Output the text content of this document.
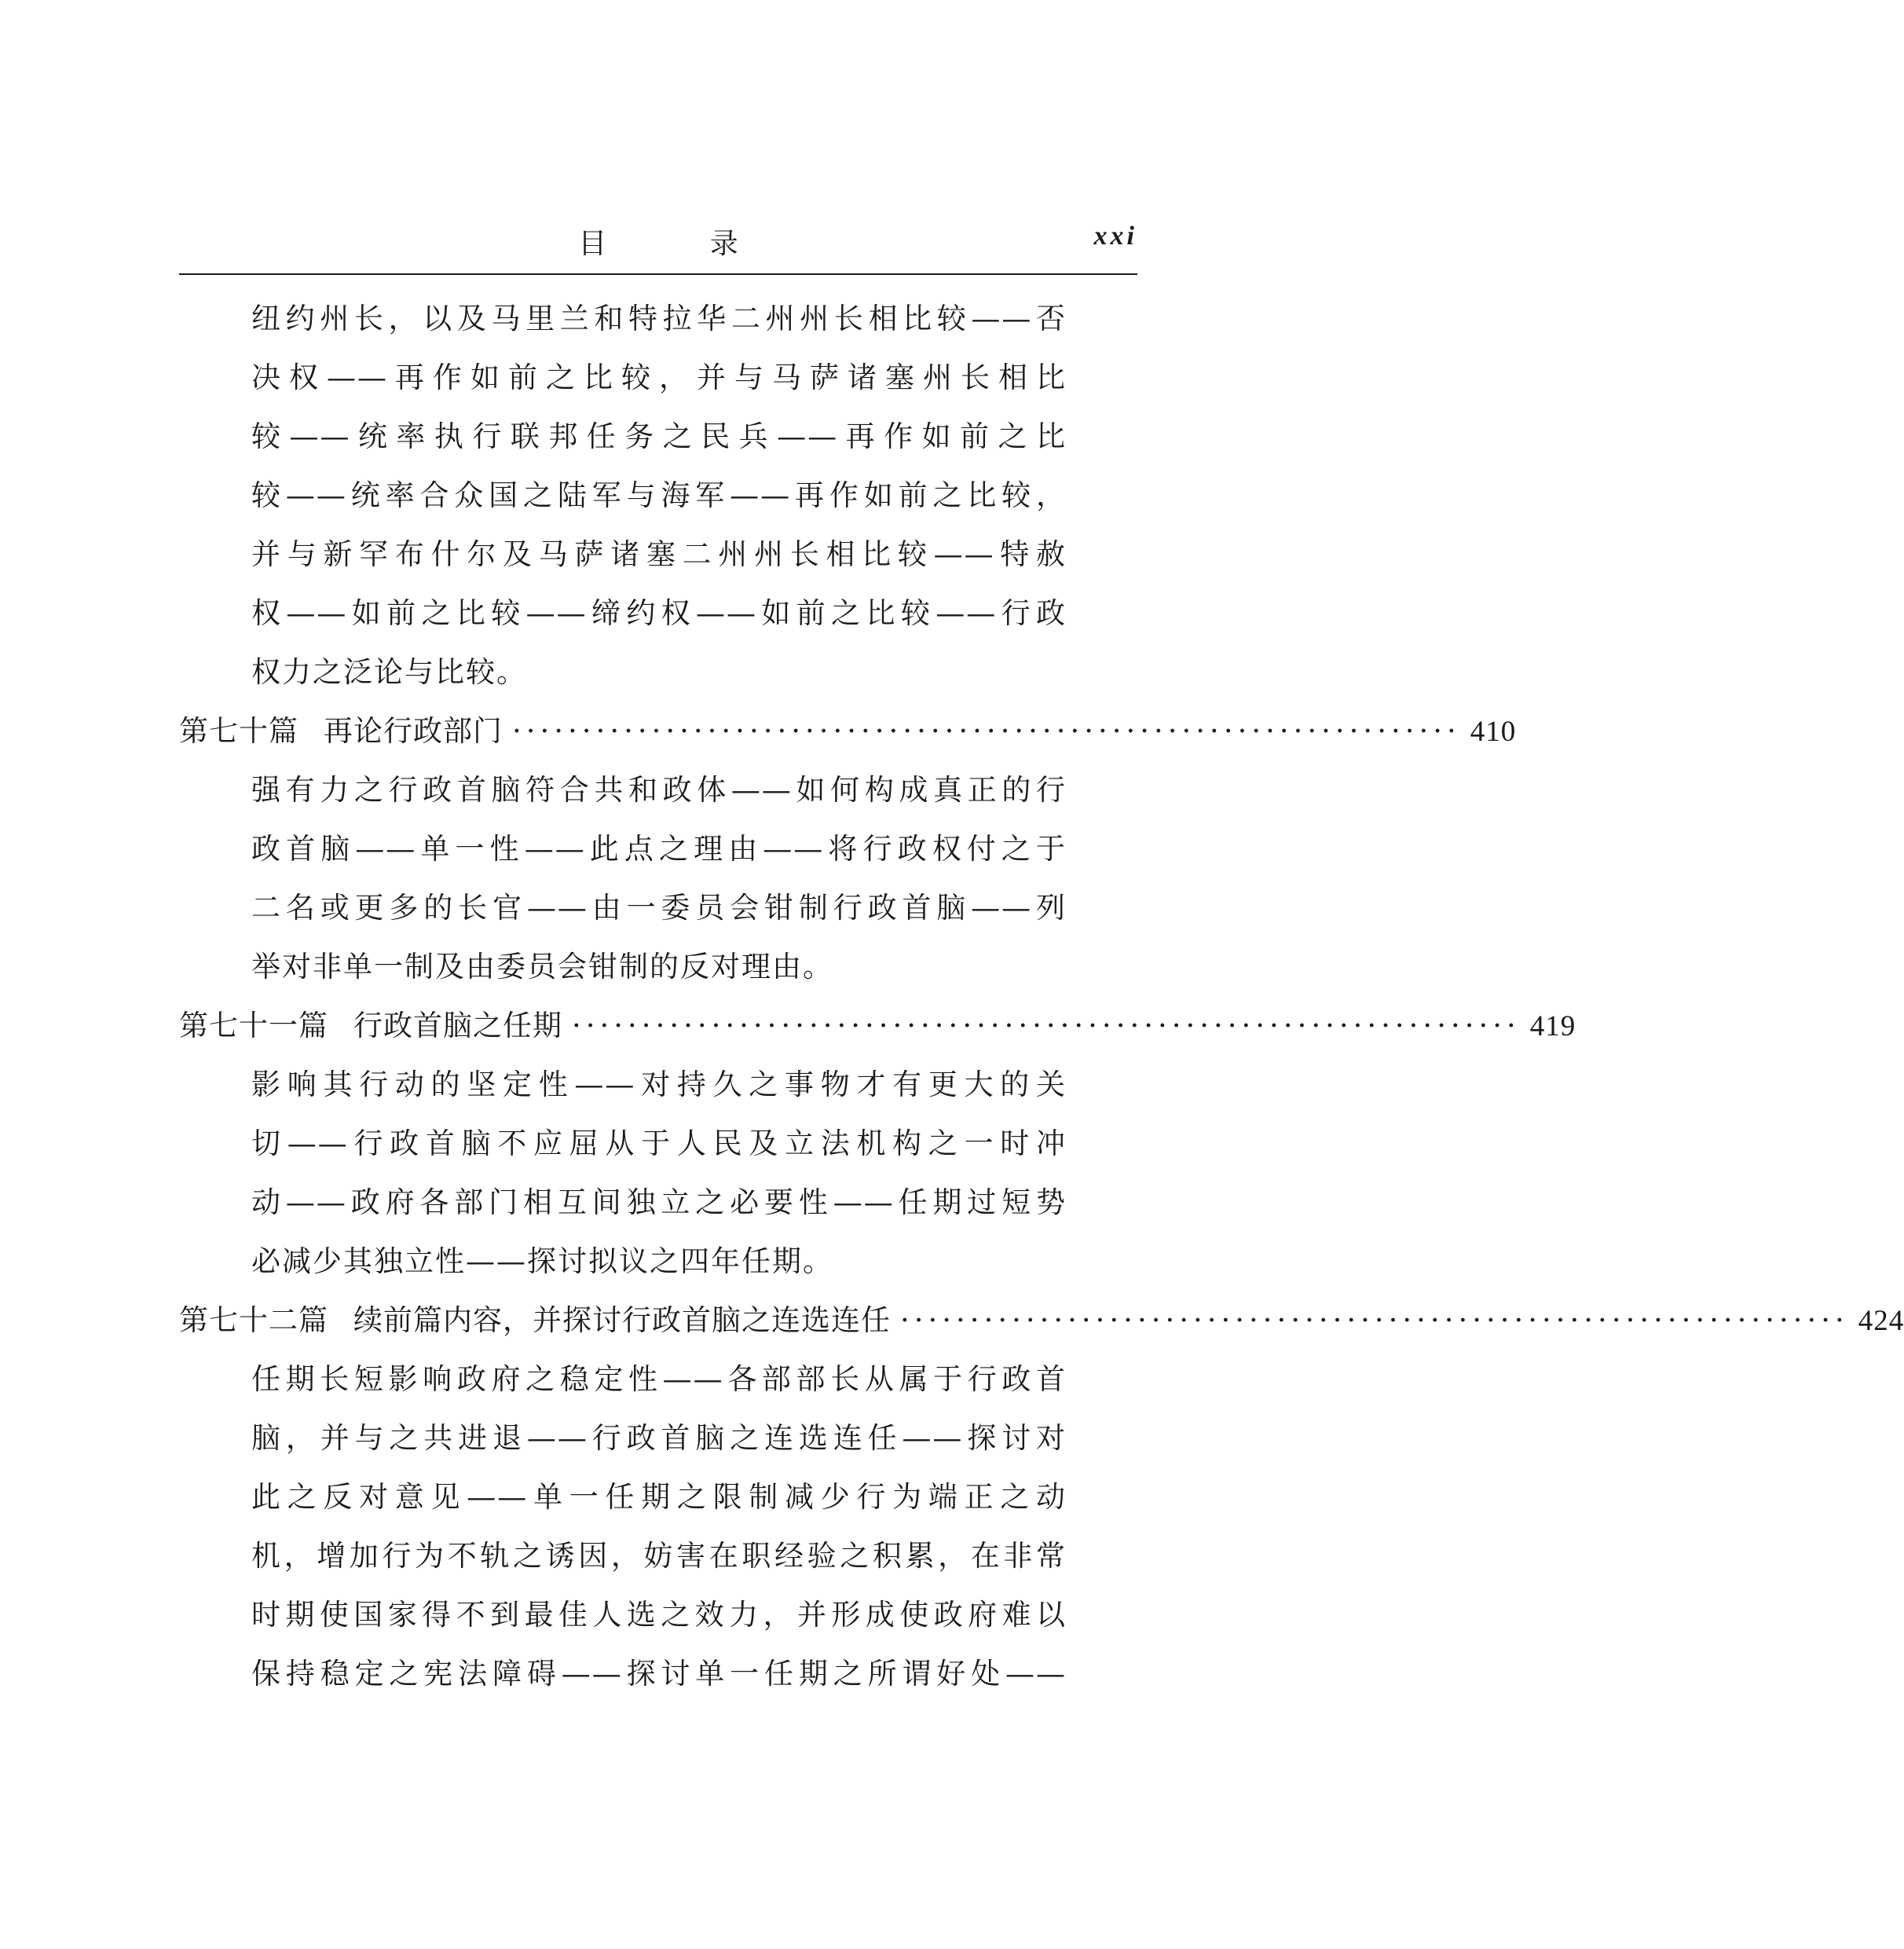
目 录	xxi
纽约州长，以及马里兰和特拉华二州州长相比较——否
决权——再作如前之比较，并与马萨诸塞州长相比
较——统率执行联邦任务之民兵——再作如前之比
较——统率合众国之陆军与海军——再作如前之比较，
并与新罕布什尔及马萨诸塞二州州长相比较——特赦
权——如前之比较——缔约权——如前之比较——行政
权力之泛论与比较。
第七十篇 再论行政部门 ···································································· 410
强有力之行政首脑符合共和政体——如何构成真正的行
政首脑——单一性——此点之理由——将行政权付之于
二名或更多的长官——由一委员会钳制行政首脑——列
举对非单一制及由委员会钳制的反对理由。
第七十一篇 行政首脑之任期 ···································································· 419
影响其行动的坚定性——对持久之事物才有更大的关
切——行政首脑不应屈从于人民及立法机构之一时冲
动——政府各部门相互间独立之必要性——任期过短势
必减少其独立性——探讨拟议之四年任期。
第七十二篇 续前篇内容，并探讨行政首脑之连选连任 ···································································· 424
任期长短影响政府之稳定性——各部部长从属于行政首
脑，并与之共进退——行政首脑之连选连任——探讨对
此之反对意见——单一任期之限制减少行为端正之动
机，增加行为不轨之诱因，妨害在职经验之积累，在非常
时期使国家得不到最佳人选之效力，并形成使政府难以
保持稳定之宪法障碍——探讨单一任期之所谓好处——
